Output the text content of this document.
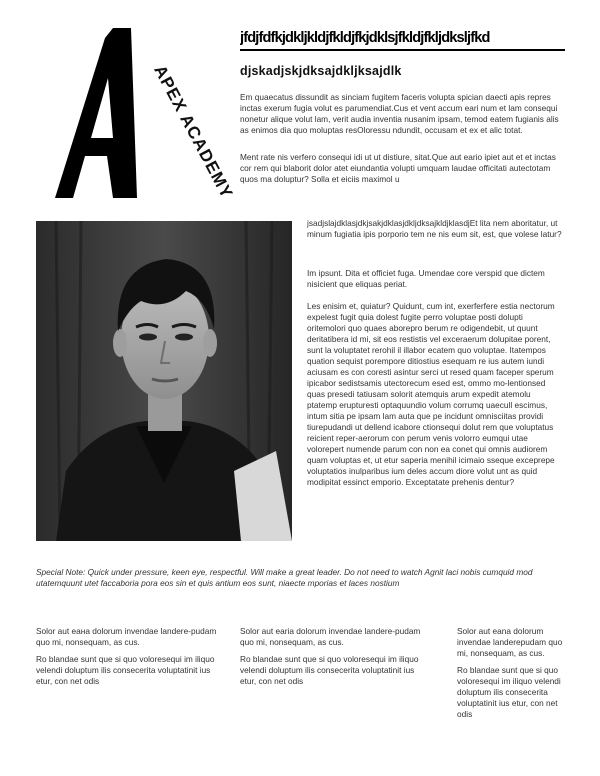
APEX ACADEMY
jfdjfdfkjdkljkldjfkldjfkjdklsjfkldjfkljdksljfkd
djskadjskjdksajdkljksajdlk

Em quaecatus dissundit as sinciam fugitem faceris volupta spician daecti apis repres inctas exerum fugia volut es parumendiat.Cus et vent accum eari num et lam consequi nonetur alique volut lam, verit audia inventia nusanim ipsam, temod eatem fugianis alis as enimos dia quo moluptas resOloressu ndundit, occusam et ex et alic totat.

Ment rate nis verfero consequi idi ut ut distiure, sitat.Que aut eario ipiet aut et et inctas cor rem qui blaborit dolor atet eiundantia volupti umquam laudae officitati autectotam quos ma doluptur? Solla et eiciis maximol u

jsadjslajdklasjdkjsakjdklasjdkljdksajkldjklasdjEt lita nem aboritatur, ut minum fugiatia ipis porporio tem ne nis eum sit, est, que volese latur?

Im ipsunt. Dita et officiet fuga. Umendae core verspid que dictem nisicient que eliquas periat.

Les enisim et, quiatur? Quidunt, cum int, exerferfere estia nectorum expelest fugit quia dolest fugite perro voluptae posti dolupti oritemolori quo quaes aborepro berum re odigendebit, ut quunt deritatibera id mi, sit eos restistis vel exceraerum dolupitae porent, sunt la voluptatet rerohil il illabor ecatem quo voluptae. Itatempos quation sequist porempore ditiostius esequam re ius autem iundi aciusam es con coresti asintur serci ut resed quam faceper sperum ipicabor sedistsamis utectorecum esed est, ommo mo-lentionsed quas presedi tatiusam solorit atemquis arum expedit atemolu ptatemp erupturesti optaquundio volum corrumq uaecull escimus, intum sitia pe ipsam lam auta que pe incidunt omnisciitas providi tiurepudandi ut dellend icabore ctionsequi dolut rem que voluptatus reicient reper-aerorum con perum venis volorro eumqui utae volorepert numende parum con non ea conet qui omnis audiorem quam voluptas et, ut etur saperia menihil icimaio sseque exceprepe voluptatios inulparibus ium deles accum diore volut unt as quid modipitat essinct emporio. Exceptatate prehenis dentur?

Special Note: Quick under pressure, keen eye, respectful. Will make a great leader. Do not need to watch Agnit laci nobis cumquid mod utatemquunt utet faccaboria pora eos sin et quis antium eos sunt, niaecte mporias et laces nostium

Solor aut eaна dolorum invendae landere-pudam quo mi, nonsequam, as cus.

Ro blandae sunt que si quo voloresequi im iliquo velendi doluptum ilis consecerita voluptatinit ius etur, con net odis

Solor aut earia dolorum invendae landere-pudam quo mi, nonsequam, as cus.

Ro blandae sunt que si quo voloresequi im iliquo velendi doluptum ilis consecerita voluptatinit ius etur, con net odis

Solor aut eana dolorum invendae landerepudam quo mi, nonsequam, as cus.

Ro blandae sunt que si quo voloresequi im iliquo velendi doluptum ilis consecerita voluptatinit ius etur, con net odis
